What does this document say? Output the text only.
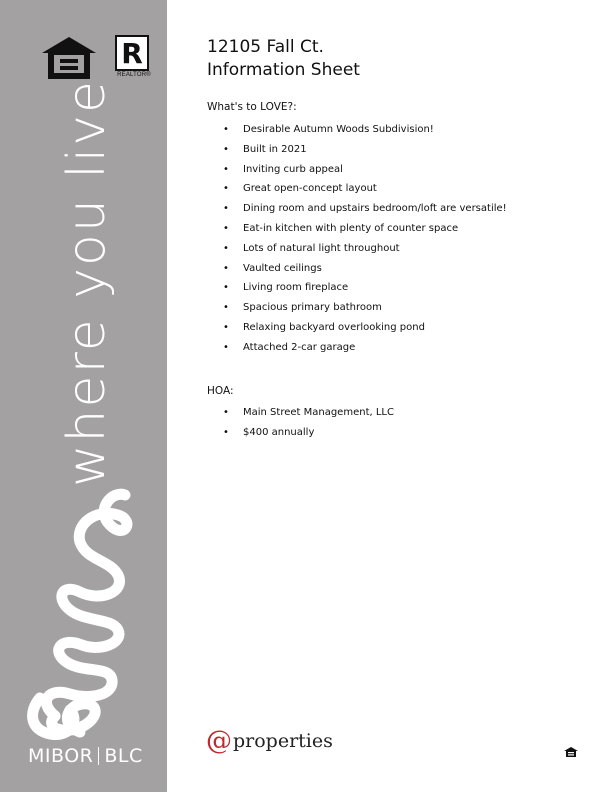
R
REALTOR®
where you live
MIBOR BLC
12105 Fall Ct.
Information Sheet
What's to LOVE?:
• Desirable Autumn Woods Subdivision!
• Built in 2021
• Inviting curb appeal
• Great open-concept layout
• Dining room and upstairs bedroom/loft are versatile!
• Eat-in kitchen with plenty of counter space
• Lots of natural light throughout
• Vaulted ceilings
• Living room fireplace
• Spacious primary bathroom
• Relaxing backyard overlooking pond
• Attached 2-car garage
HOA:
• Main Street Management, LLC
• $400 annually
@ properties
